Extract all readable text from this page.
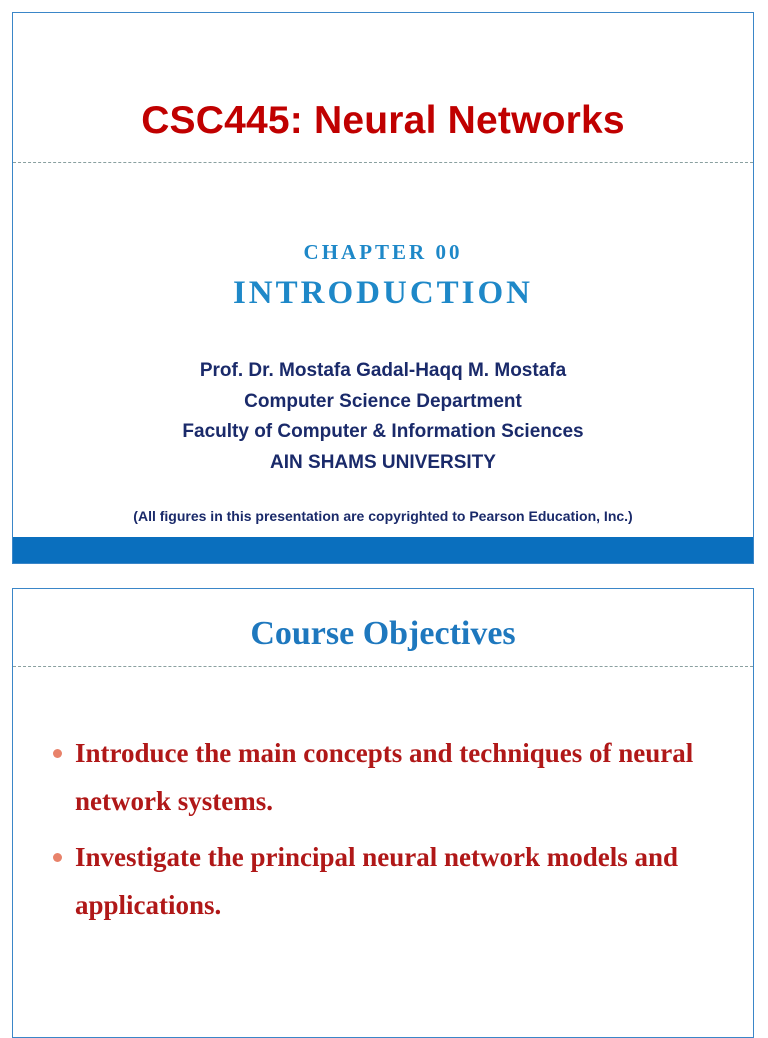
CSC445: Neural Networks
CHAPTER 00
INTRODUCTION
Prof. Dr. Mostafa Gadal-Haqq M. Mostafa
Computer Science Department
Faculty of Computer & Information Sciences
AIN SHAMS UNIVERSITY
(All figures in this presentation are copyrighted to Pearson Education, Inc.)
Course Objectives
Introduce the main concepts and techniques of neural network systems.
Investigate the principal neural network models and applications.
